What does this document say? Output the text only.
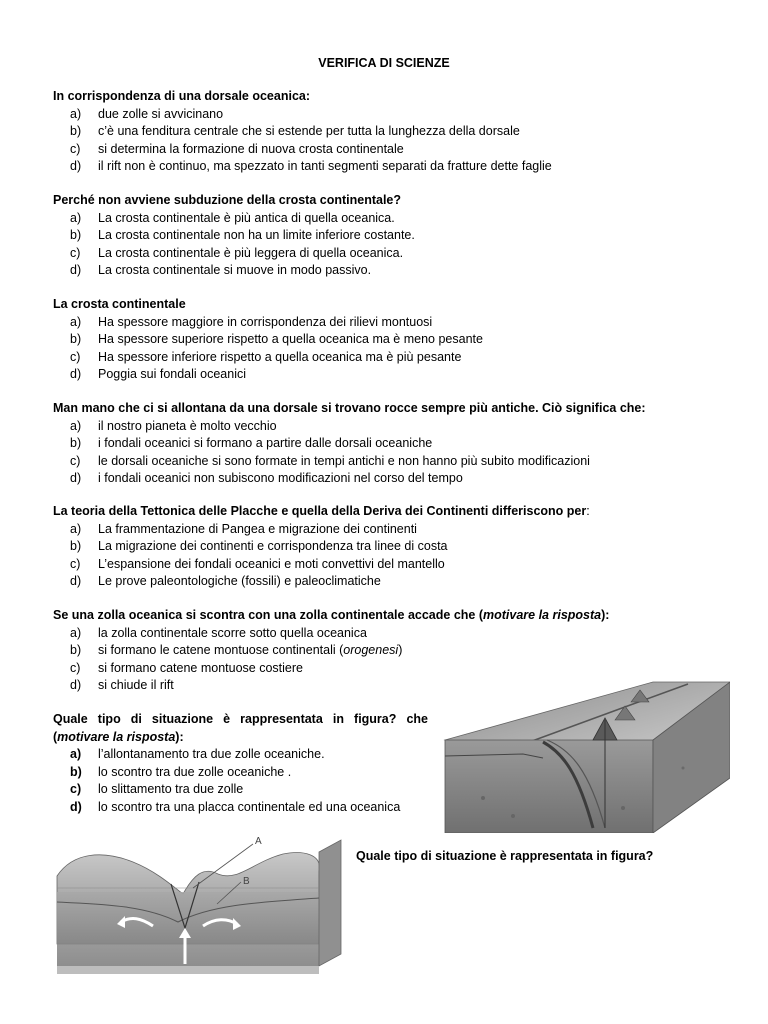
VERIFICA DI SCIENZE
In corrispondenza di una dorsale oceanica:
a) due zolle si avvicinano
b) c’è una fenditura centrale che si estende per tutta la lunghezza della dorsale
c) si determina la formazione di nuova crosta continentale
d) il rift non è continuo, ma spezzato in tanti segmenti separati da fratture dette faglie
Perché non avviene subduzione della crosta continentale?
a) La crosta continentale è più antica di quella oceanica.
b) La crosta continentale non ha un limite inferiore costante.
c) La crosta continentale è più leggera di quella oceanica.
d) La crosta continentale si muove in modo passivo.
La crosta continentale
a) Ha spessore maggiore in corrispondenza dei rilievi montuosi
b) Ha spessore superiore rispetto a quella oceanica ma è meno pesante
c) Ha spessore inferiore rispetto a quella oceanica ma è più pesante
d) Poggia sui fondali oceanici
Man mano che ci si allontana da una dorsale si trovano rocce sempre più antiche. Ciò significa che:
a) il nostro pianeta è molto vecchio
b) i fondali oceanici si formano a partire dalle dorsali oceaniche
c) le dorsali oceaniche si sono formate in tempi antichi e non hanno più subito modificazioni
d) i fondali oceanici non subiscono modificazioni nel corso del tempo
La teoria della Tettonica delle Placche e quella della Deriva dei Continenti differiscono per:
a) La frammentazione di Pangea e migrazione dei continenti
b) La migrazione dei continenti e corrispondenza tra linee di costa
c) L’espansione dei fondali oceanici e moti convettivi del mantello
d) Le prove paleontologiche (fossili) e paleoclimatiche
Se una zolla oceanica si scontra con una zolla continentale accade che (motivare la risposta):
a) la zolla continentale scorre sotto quella oceanica
b) si formano le catene montuose continentali (orogenesi)
c) si formano catene montuose costiere
d) si chiude il rift
Quale tipo di situazione è rappresentata in figura? che (motivare la risposta):
a) l’allontanamento tra due zolle oceaniche.
b) lo scontro tra due zolle oceaniche .
c) lo slittamento tra due zolle
d) lo scontro tra una placca continentale ed una oceanica
A
B
Quale tipo di situazione è rappresentata in figura?
